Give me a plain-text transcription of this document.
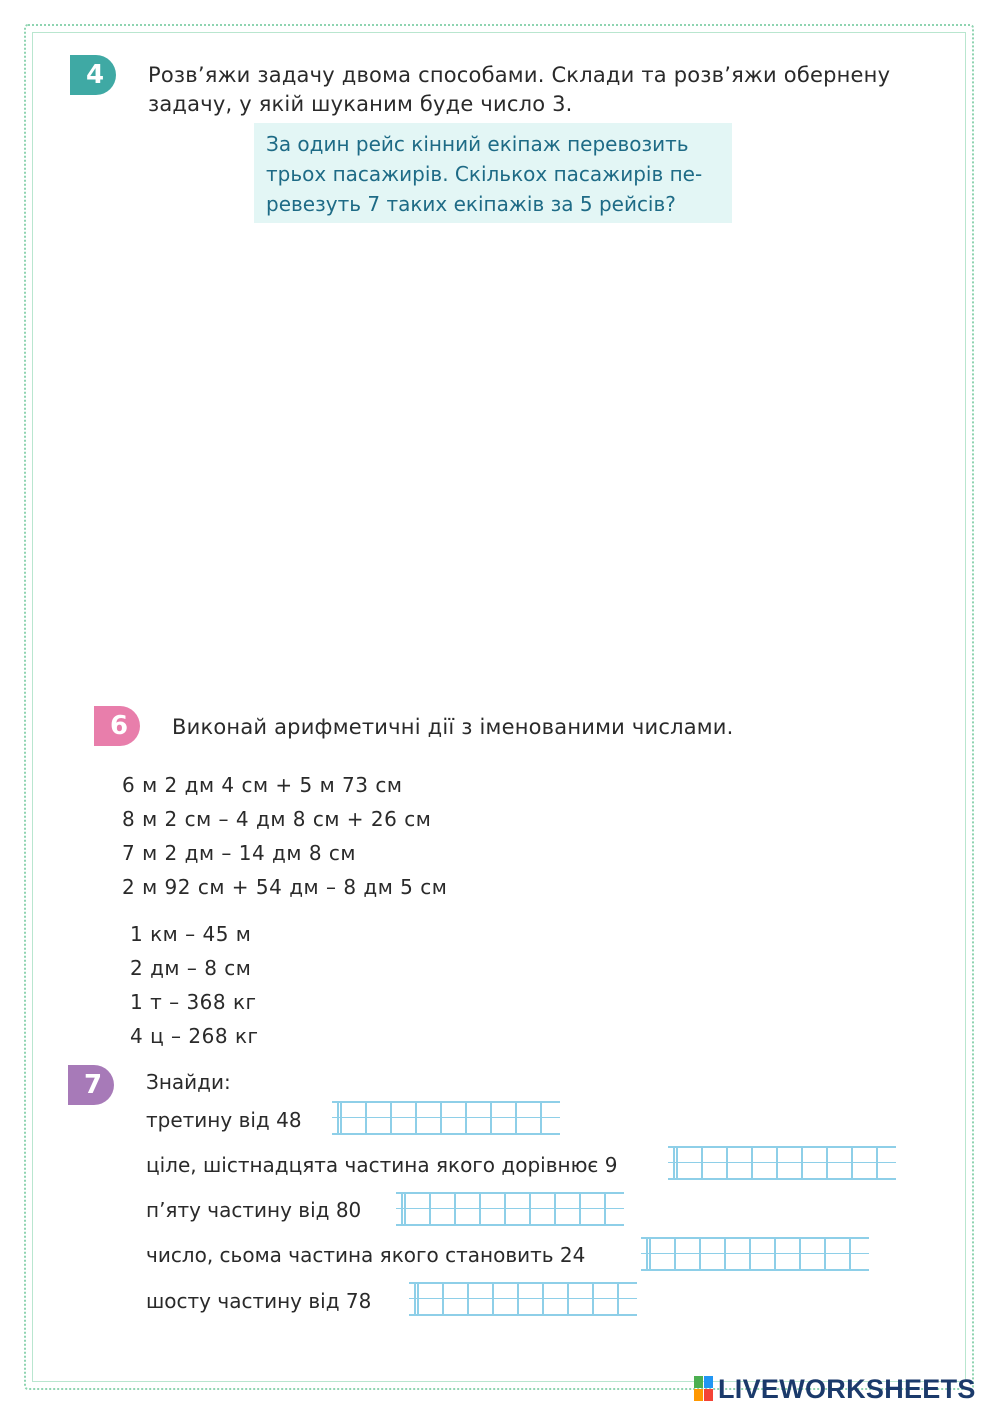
4 Розв’яжи задачу двома способами. Склади та розв’яжи обернену
задачу, у якій шуканим буде число 3.
За один рейс кінний екіпаж перевозить
трьох пасажирів. Скількох пасажирів пе-
ревезуть 7 таких екіпажів за 5 рейсів?
6 Виконай арифметичні дії з іменованими числами.
6 м 2 дм 4 см + 5 м 73 см
8 м 2 см – 4 дм 8 см + 26 см
7 м 2 дм – 14 дм 8 см
2 м 92 см + 54 дм – 8 дм 5 см
1 км – 45 м
2 дм – 8 см
1 т – 368 кг
4 ц – 268 кг
7 Знайди:
третину від 48
ціле, шістнадцята частина якого дорівнює 9
п’яту частину від 80
число, сьома частина якого становить 24
шосту частину від 78
LIVEWORKSHEETS
